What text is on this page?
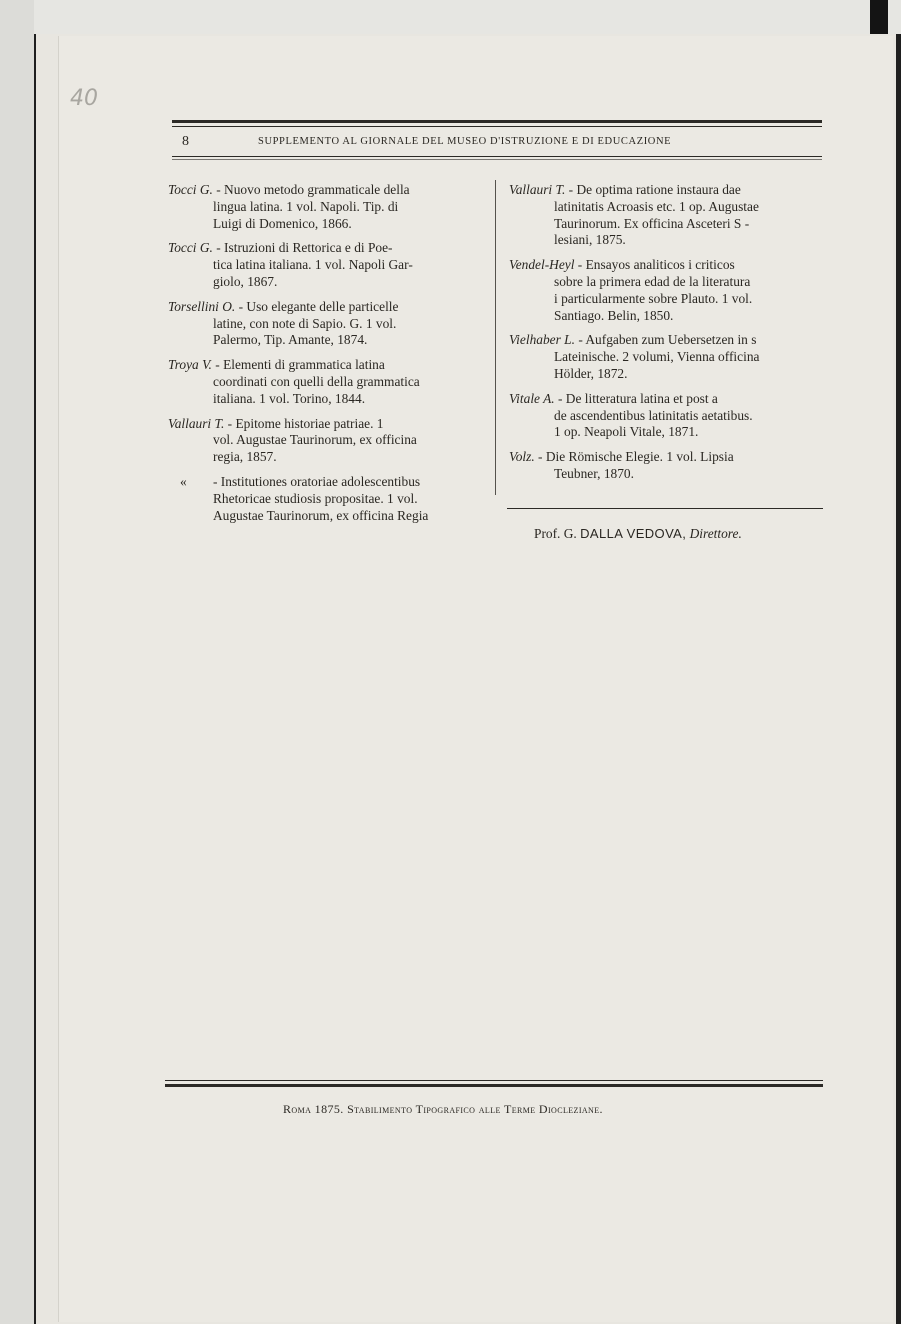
40
8	SUPPLEMENTO AL GIORNALE DEL MUSEO D'ISTRUZIONE E DI EDUCAZIONE
Tocci G. - Nuovo metodo grammaticale della
lingua latina. 1 vol. Napoli. Tip. di
Luigi di Domenico, 1866.
Tocci G. - Istruzioni di Rettorica e di Poe-
tica latina italiana. 1 vol. Napoli Gar-
giolo, 1867.
Torsellini O. - Uso elegante delle particelle
latine, con note di Sapio. G. 1 vol.
Palermo, Tip. Amante, 1874.
Troya V. - Elementi di grammatica latina
coordinati con quelli della grammatica
italiana. 1 vol. Torino, 1844.
Vallauri T. - Epitome historiae patriae. 1
vol. Augustae Taurinorum, ex officina
regia, 1857.
« - Institutiones oratoriae adolescentibus
Rhetoricae studiosis propositae. 1 vol.
Augustae Taurinorum, ex officina Regia
Vallauri T. - De optima ratione instaura dae
latinitatis Acroasis etc. 1 op. Augustae
Taurinorum. Ex officina Asceteri S -
lesiani, 1875.
Vendel-Heyl - Ensayos analiticos i criticos
sobre la primera edad de la literatura
i particularmente sobre Plauto. 1 vol.
Santiago. Belin, 1850.
Vielhaber L. - Aufgaben zum Uebersetzen in s
Lateinische. 2 volumi, Vienna officina
Hölder, 1872.
Vitale A. - De litteratura latina et post a
de ascendentibus latinitatis aetatibus.
1 op. Neapoli Vitale, 1871.
Volz. - Die Römische Elegie. 1 vol. Lipsia
Teubner, 1870.
Prof. G. DALLA VEDOVA, Direttore.
Roma 1875. Stabilimento Tipografico alle Terme Diocleziane.
